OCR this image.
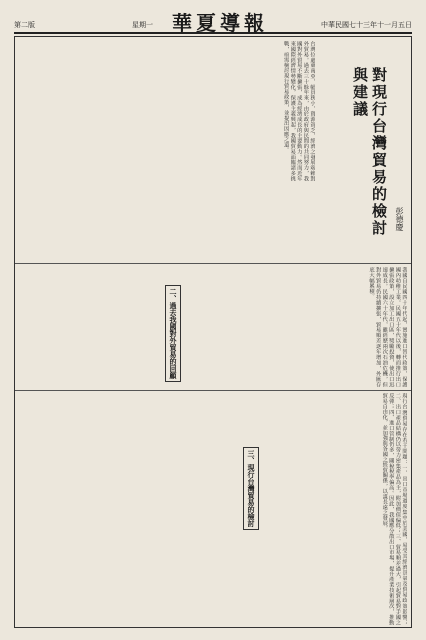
第二版	星期一 華夏導報	中華民國七十三年十一月五日
對現行台灣貿易的檢討與建議
彭德慶
台灣位處東南亞，幅員狹小，資源貧乏，經濟之發展端賴對外貿易。過去三十餘年來，由於政府與民間的共同努力，我國對外貿易不斷擴張，成為經濟成長的主要動力。然而近年來國際經濟情勢變化，保護主義興起，我國貿易面臨諸多挑戰，亟需檢討現行貿易政策，並提出因應之道。
二、過去我國對外貿易的回顧	我國自民國四十年代起，實施進口替代政策，保護國內幼稚工業。民國五十年代以後，轉而推行出口擴張政策，設立加工出口區，獎勵投資，使出口迅速成長。民國六十年代，雖經歷兩次石油危機，但對外貿易仍持續擴張，貿易順差逐年增加，外匯存底大幅累積。
三、現行台灣貿易的檢討	現行台灣貿易存在若干問題：一、出口市場過度集中於美國，易受其經濟景氣及貿易政策影響；二、出口產品結構仍以勞力密集產品為主，附加價值偏低；三、貿易順差過大，引起貿易對手國之反彈；四、進口管制仍多，關稅稅率偏高。因此，我國應分散出口市場，提升產業技術層次，推動貿易自由化，並加強與各國之經貿關係，以謀長遠之發展。
